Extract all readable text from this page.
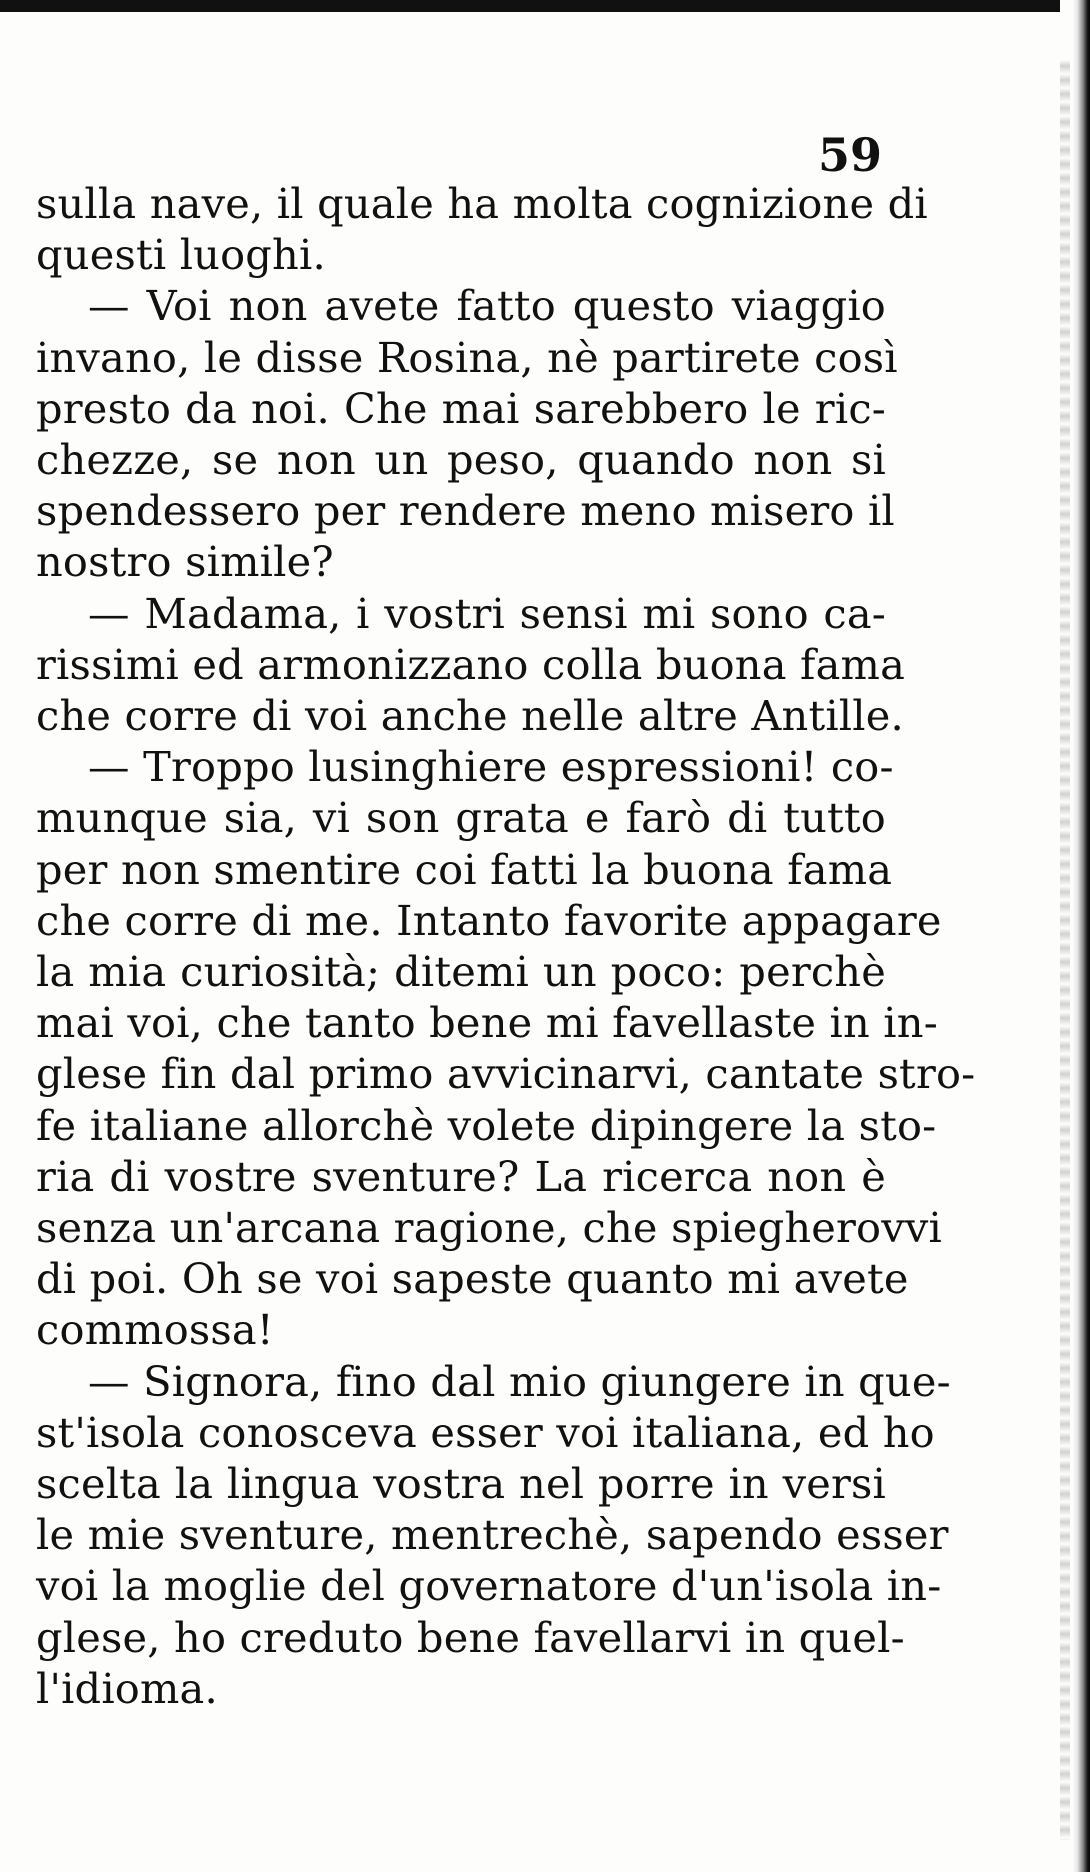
59
sulla nave, il quale ha molta cognizione di
questi luoghi.
— Voi non avete fatto questo viaggio
invano, le disse Rosina, nè partirete così
presto da noi. Che mai sarebbero le ric-
chezze, se non un peso, quando non si
spendessero per rendere meno misero il
nostro simile?
— Madama, i vostri sensi mi sono ca-
rissimi ed armonizzano colla buona fama
che corre di voi anche nelle altre Antille.
— Troppo lusinghiere espressioni! co-
munque sia, vi son grata e farò di tutto
per non smentire coi fatti la buona fama
che corre di me. Intanto favorite appagare
la mia curiosità; ditemi un poco: perchè
mai voi, che tanto bene mi favellaste in in-
glese fin dal primo avvicinarvi, cantate stro-
fe italiane allorchè volete dipingere la sto-
ria di vostre sventure? La ricerca non è
senza un'arcana ragione, che spiegherovvi
di poi. Oh se voi sapeste quanto mi avete
commossa!
— Signora, fino dal mio giungere in que-
st'isola conosceva esser voi italiana, ed ho
scelta la lingua vostra nel porre in versi
le mie sventure, mentrechè, sapendo esser
voi la moglie del governatore d'un'isola in-
glese, ho creduto bene favellarvi in quel-
l'idioma.
